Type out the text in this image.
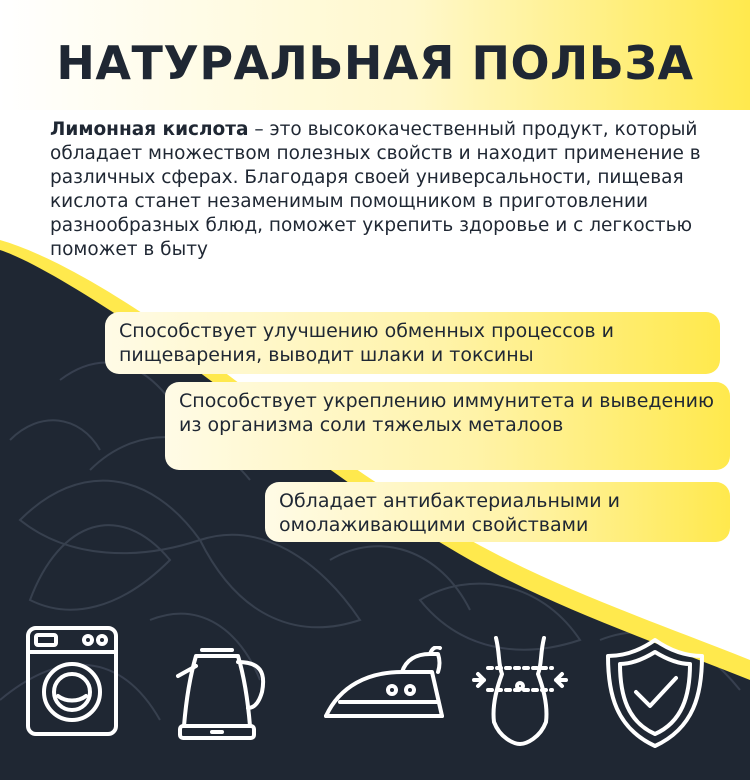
НАТУРАЛЬНАЯ ПОЛЬЗА
Лимонная кислота – это высококачественный продукт, который обладает множеством полезных свойств и находит применение в различных сферах. Благодаря своей универсальности, пищевая кислота станет незаменимым помощником в приготовлении разнообразных блюд, поможет укрепить здоровье и с легкостью поможет в быту
Способствует улучшению обменных процессов и пищеварения, выводит шлаки и токсины
Способствует укреплению иммунитета и выведению из организма соли тяжелых металоов
Обладает антибактериальными и омолаживающими свойствами
